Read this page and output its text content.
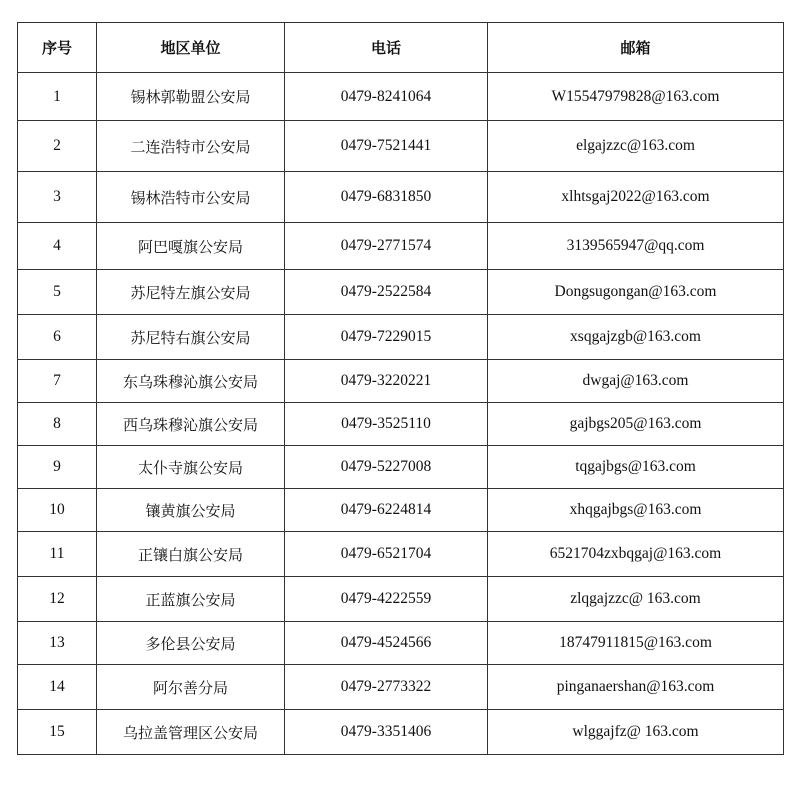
序号	地区单位	电话	邮箱
1	锡林郭勒盟公安局	0479-8241064	W15547979828@163.com
2	二连浩特市公安局	0479-7521441	elgajzzc@163.com
3	锡林浩特市公安局	0479-6831850	xlhtsgaj2022@163.com
4	阿巴嘎旗公安局	0479-2771574	3139565947@qq.com
5	苏尼特左旗公安局	0479-2522584	Dongsugongan@163.com
6	苏尼特右旗公安局	0479-7229015	xsqgajzgb@163.com
7	东乌珠穆沁旗公安局	0479-3220221	dwgaj@163.com
8	西乌珠穆沁旗公安局	0479-3525110	gajbgs205@163.com
9	太仆寺旗公安局	0479-5227008	tqgajbgs@163.com
10	镶黄旗公安局	0479-6224814	xhqgajbgs@163.com
11	正镶白旗公安局	0479-6521704	6521704zxbqgaj@163.com
12	正蓝旗公安局	0479-4222559	zlqgajzzc@ 163.com
13	多伦县公安局	0479-4524566	18747911815@163.com
14	阿尔善分局	0479-2773322	pinganaershan@163.com
15	乌拉盖管理区公安局	0479-3351406	wlggajfz@ 163.com
